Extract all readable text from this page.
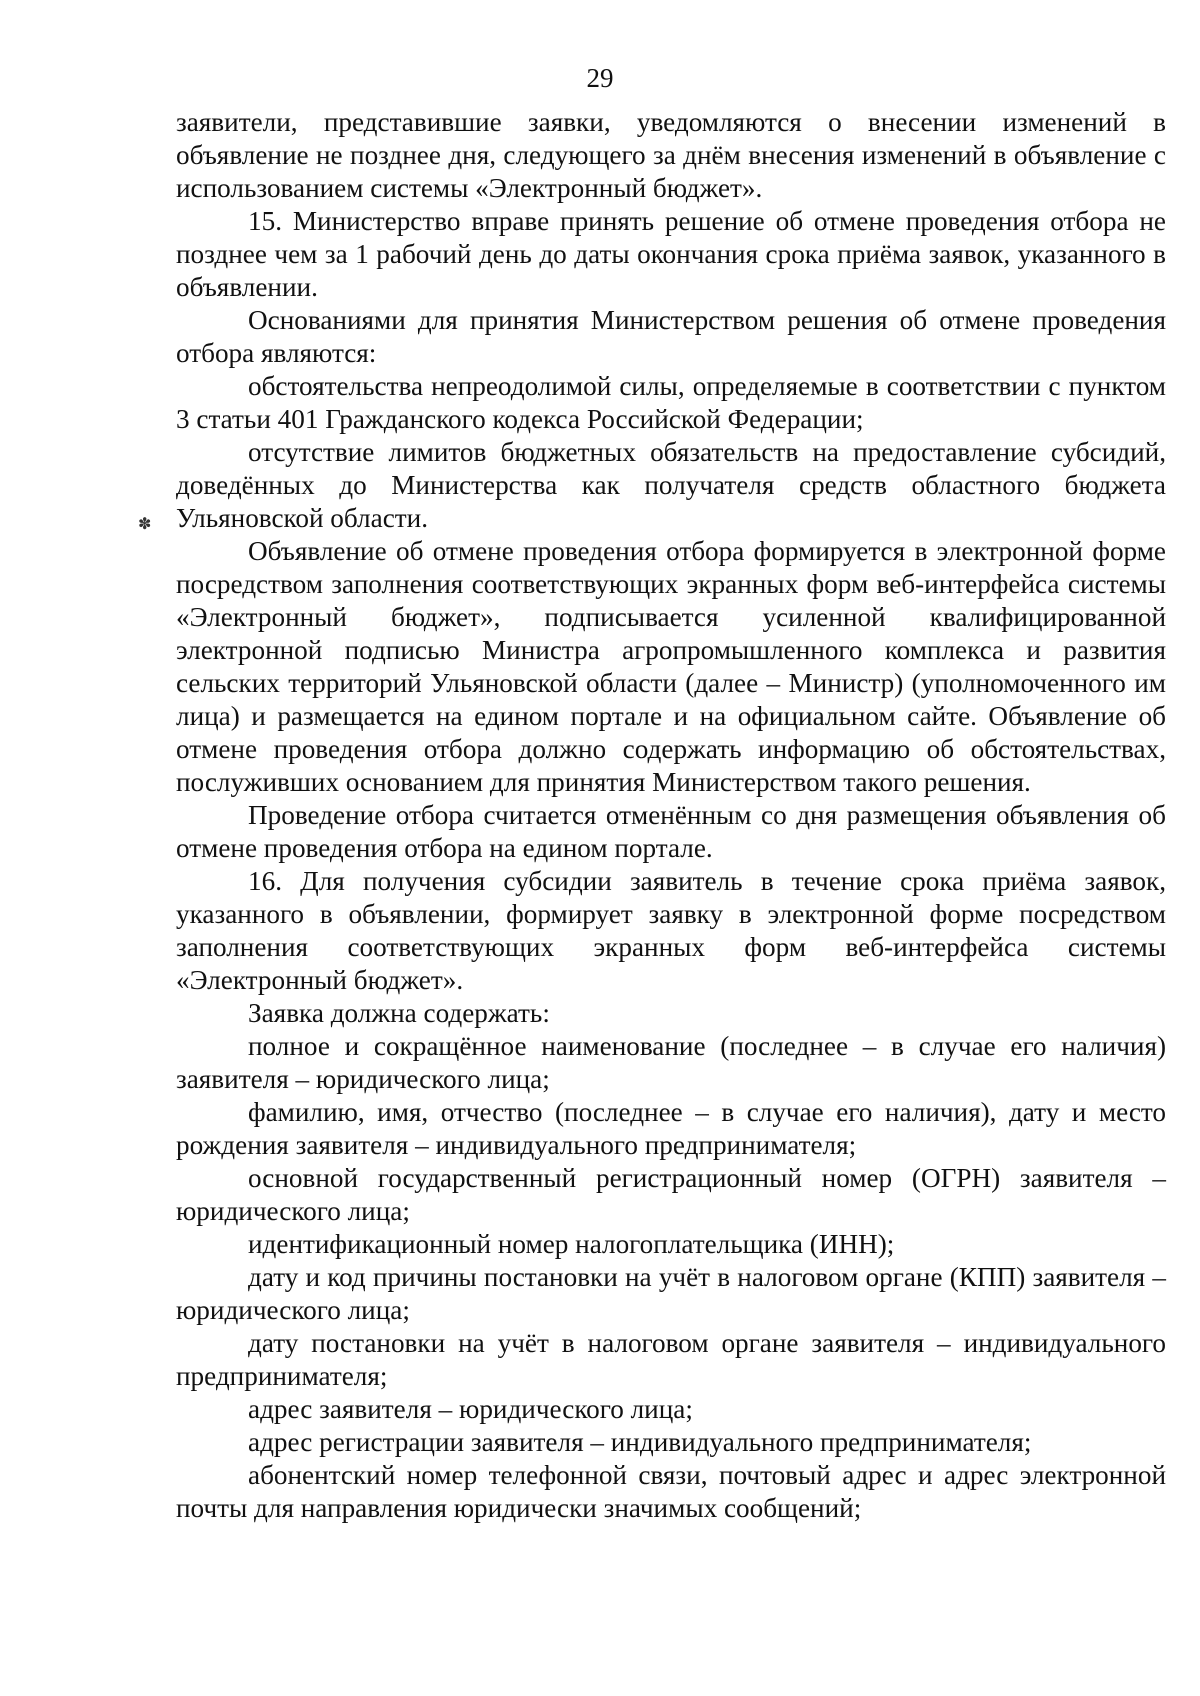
29
✽

заявители, представившие заявки, уведомляются о внесении изменений в объявление не позднее дня, следующего за днём внесения изменений в объявление с использованием системы «Электронный бюджет».

15. Министерство вправе принять решение об отмене проведения отбора не позднее чем за 1 рабочий день до даты окончания срока приёма заявок, указанного в объявлении.

Основаниями для принятия Министерством решения об отмене проведения отбора являются:

обстоятельства непреодолимой силы, определяемые в соответствии с пунктом 3 статьи 401 Гражданского кодекса Российской Федерации;

отсутствие лимитов бюджетных обязательств на предоставление субсидий, доведённых до Министерства как получателя средств областного бюджета Ульяновской области.

Объявление об отмене проведения отбора формируется в электронной форме посредством заполнения соответствующих экранных форм веб-интерфейса системы «Электронный бюджет», подписывается усиленной квалифицированной электронной подписью Министра агропромышленного комплекса и развития сельских территорий Ульяновской области (далее – Министр) (уполномоченного им лица) и размещается на едином портале и на официальном сайте. Объявление об отмене проведения отбора должно содержать информацию об обстоятельствах, послуживших основанием для принятия Министерством такого решения.

Проведение отбора считается отменённым со дня размещения объявления об отмене проведения отбора на едином портале.

16. Для получения субсидии заявитель в течение срока приёма заявок, указанного в объявлении, формирует заявку в электронной форме посредством заполнения соответствующих экранных форм веб-интерфейса системы «Электронный бюджет».

Заявка должна содержать:

полное и сокращённое наименование (последнее – в случае его наличия) заявителя – юридического лица;

фамилию, имя, отчество (последнее – в случае его наличия), дату и место рождения заявителя – индивидуального предпринимателя;

основной государственный регистрационный номер (ОГРН) заявителя – юридического лица;

идентификационный номер налогоплательщика (ИНН);

дату и код причины постановки на учёт в налоговом органе (КПП) заявителя – юридического лица;

дату постановки на учёт в налоговом органе заявителя – индивидуального предпринимателя;

адрес заявителя – юридического лица;

адрес регистрации заявителя – индивидуального предпринимателя;

абонентский номер телефонной связи, почтовый адрес и адрес электронной почты для направления юридически значимых сообщений;
